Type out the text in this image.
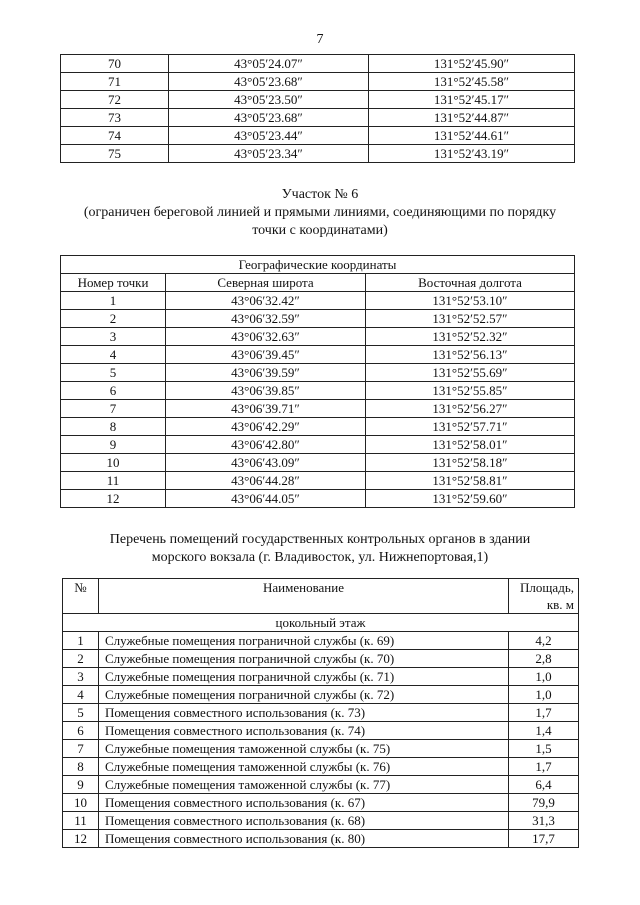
7
70	43°05′24.07″	131°52′45.90″
71	43°05′23.68″	131°52′45.58″
72	43°05′23.50″	131°52′45.17″
73	43°05′23.68″	131°52′44.87″
74	43°05′23.44″	131°52′44.61″
75	43°05′23.34″	131°52′43.19″
Участок № 6
(ограничен береговой линией и прямыми линиями, соединяющими по порядку
точки с координатами)
Географические координаты		
Номер точки	Северная широта	Восточная долгота
1	43°06′32.42″	131°52′53.10″
2	43°06′32.59″	131°52′52.57″
3	43°06′32.63″	131°52′52.32″
4	43°06′39.45″	131°52′56.13″
5	43°06′39.59″	131°52′55.69″
6	43°06′39.85″	131°52′55.85″
7	43°06′39.71″	131°52′56.27″
8	43°06′42.29″	131°52′57.71″
9	43°06′42.80″	131°52′58.01″
10	43°06′43.09″	131°52′58.18″
11	43°06′44.28″	131°52′58.81″
12	43°06′44.05″	131°52′59.60″
Перечень помещений государственных контрольных органов в здании
морского вокзала (г. Владивосток, ул. Нижнепортовая,1)
№	Наименование	Площадь,
кв. м

цокольный этаж		
1	Служебные помещения пограничной службы (к. 69)	4,2
2	Служебные помещения пограничной службы (к. 70)	2,8
3	Служебные помещения пограничной службы (к. 71)	1,0
4	Служебные помещения пограничной службы (к. 72)	1,0
5	Помещения совместного использования (к. 73)	1,7
6	Помещения совместного использования (к. 74)	1,4
7	Служебные помещения таможенной службы (к. 75)	1,5
8	Служебные помещения таможенной службы (к. 76)	1,7
9	Служебные помещения таможенной службы (к. 77)	6,4
10	Помещения совместного использования (к. 67)	79,9
11	Помещения совместного использования (к. 68)	31,3
12	Помещения совместного использования (к. 80)	17,7
